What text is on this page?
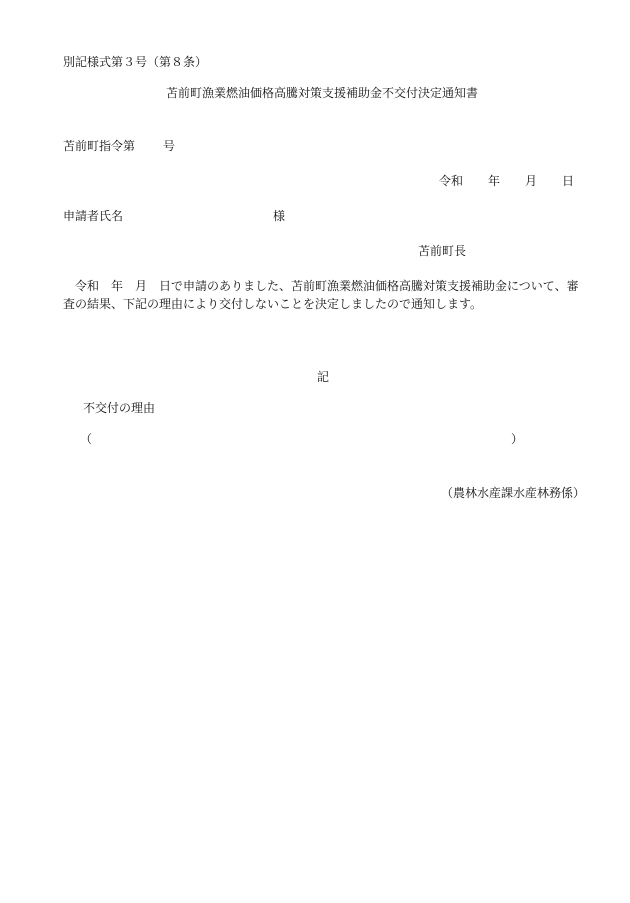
別記様式第３号（第８条）
苫前町漁業燃油価格高騰対策支援補助金不交付決定通知書
苫前町指令第 号
令和 年 月 日
申請者氏名	様
苫前町長
令和 年 月 日で申請のありました、苫前町漁業燃油価格高騰対策支援補助金について、審
査の結果、下記の理由により交付しないことを決定しましたので通知します。
記
不交付の理由
（	）
（農林水産課水産林務係）
